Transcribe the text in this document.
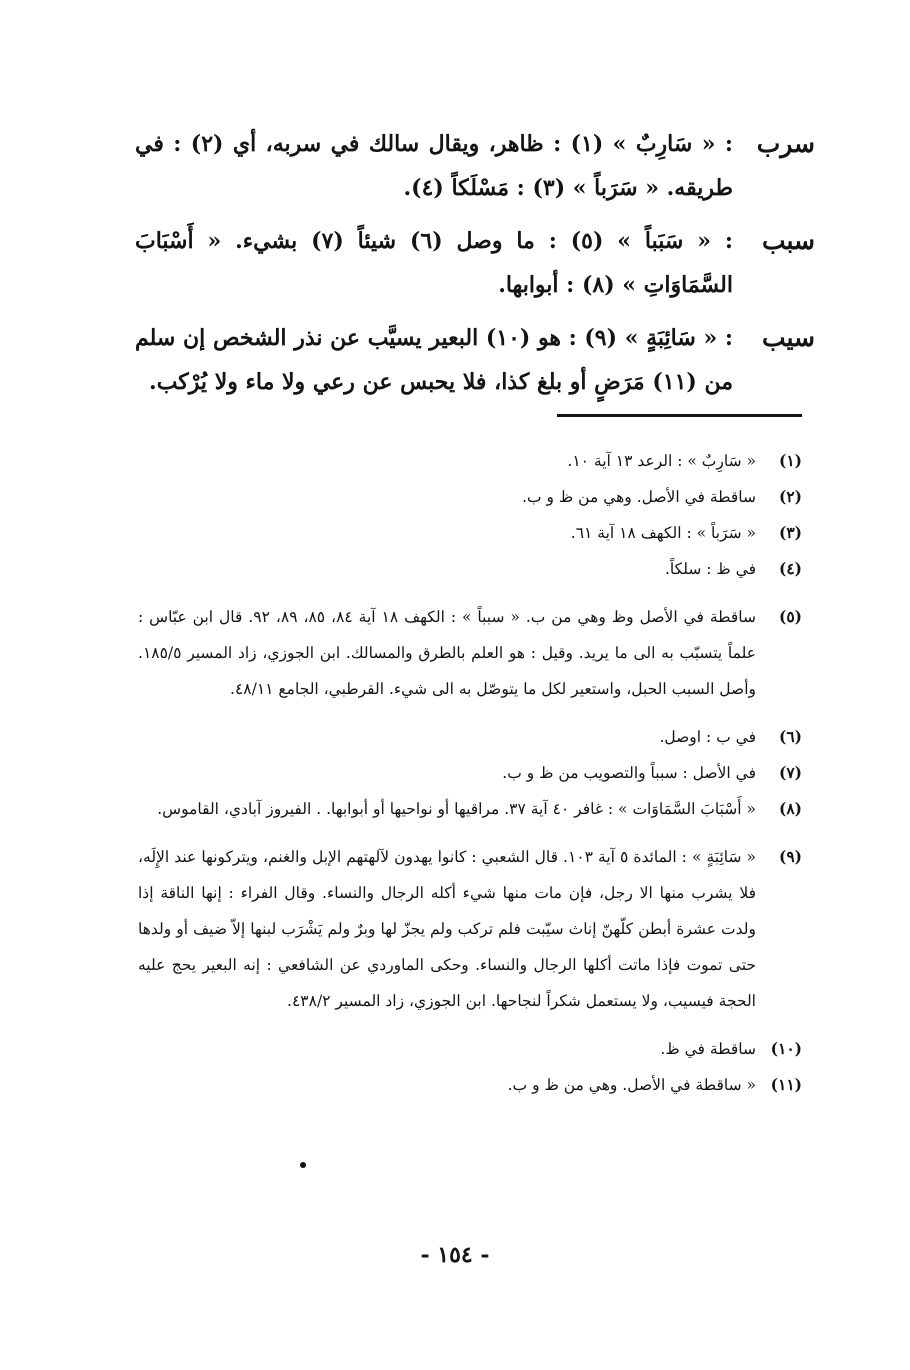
سرب
: « سَارِبٌ » (١) : ظاهر، ويقال سالك في سربه، أي (٢) : في طريقه. « سَرَباً » (٣) : مَسْلَكاً (٤).
سبب
: « سَبَباً » (٥) : ما وصل (٦) شيئاً (٧) بشيء. « أَسْبَابَ السَّمَاوَاتِ » (٨) : أبوابها.
سيب
: « سَائِبَةٍ » (٩) : هو (١٠) البعير يسيَّب عن نذر الشخص إن سلم من (١١) مَرَضٍ أو بلغ كذا، فلا يحبس عن رعي ولا ماء ولا يُرْكب.
(١)
« سَارِبٌ » : الرعد ١٣ آية ١٠.
(٢)
ساقطة في الأصل. وهي من ظ و ب.
(٣)
« سَرَباً » : الكهف ١٨ آية ٦١.
(٤)
في ظ : سلكاً.
(٥)
ساقطة في الأصل وظ وهي من ب. « سبباً » : الكهف ١٨ آية ٨٤، ٨٥، ٨٩، ٩٢. قال ابن عبّاس : علماً يتسبّب به الى ما يريد. وقيل : هو العلم بالطرق والمسالك. ابن الجوزي، زاد المسير ١٨٥/٥. وأصل السبب الحبل، واستعير لكل ما يتوصّل به الى شيء. القرطبي، الجامع ٤٨/١١.
(٦)
في ب : اوصل.
(٧)
في الأصل : سبباً والتصويب من ظ و ب.
(٨)
« أَسْبَابَ السَّمَاوَات » : غافر ٤٠ آية ٣٧. مراقيها أو نواحيها أو أبوابها. . الفيروز آبادي، القاموس.
(٩)
« سَائِبَةٍ » : المائدة ٥ آية ١٠٣. قال الشعبي : كانوا يهدون لآلهتهم الإبل والغنم، ويتركونها عند الإِلَه، فلا يشرب منها الا رجل، فإن مات منها شيء أكله الرجال والنساء. وقال الفراء : إنها الناقة إذا ولدت عشرة أبطن كلّهنّ إناث سيّبت فلم تركب ولم يجزّ لها وبرٌ ولم يَشْرَب لبنها إلاّ ضيف أو ولدها حتى تموت فإذا ماتت أكلها الرجال والنساء. وحكى الماوردي عن الشافعي : إنه البعير يحج عليه الحجة فيسيب، ولا يستعمل شكراً لنجاحها. ابن الجوزي، زاد المسير ٤٣٨/٢.
(١٠)
ساقطة في ظ.
(١١)
« ساقطة في الأصل. وهي من ظ و ب.
- ١٥٤ -
